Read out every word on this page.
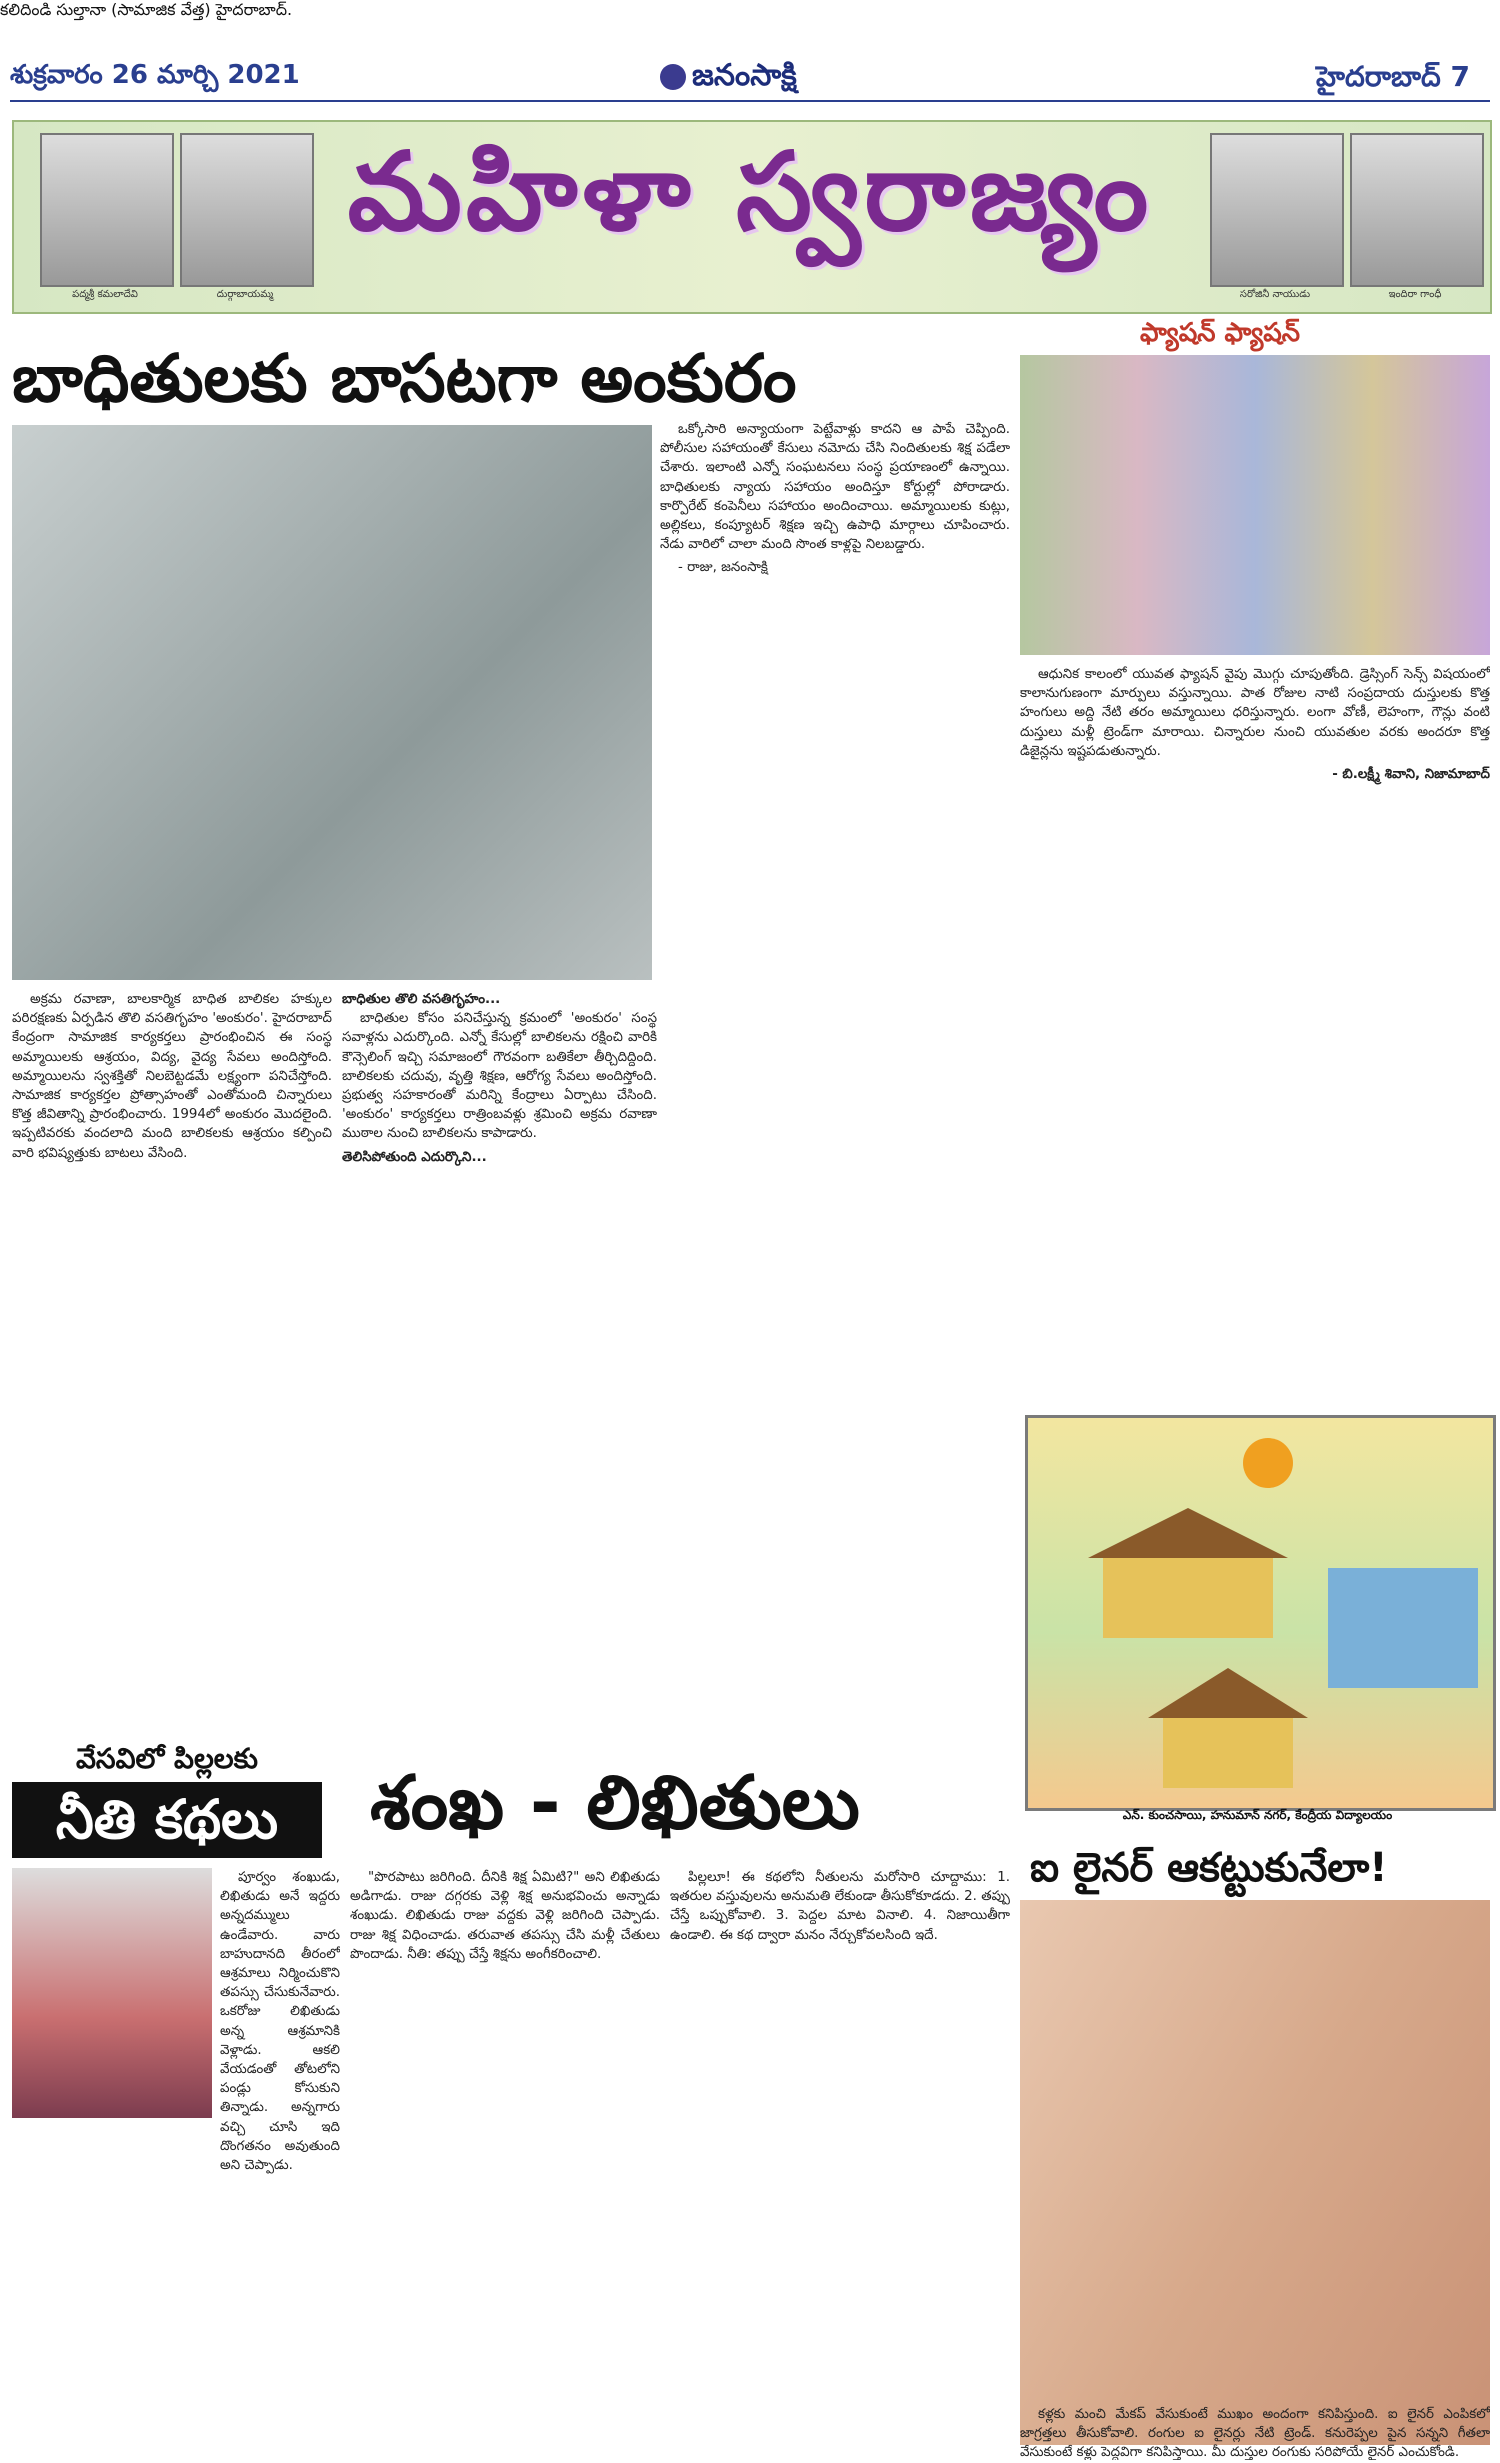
శుక్రవారం 26 మార్చి 2021	జనంసాక్షి	హైదరాబాద్ 7
పద్మశ్రీ కమలాదేవి	దుర్గాబాయమ్మ	సరోజినీ నాయుడు	ఇందిరా గాంధీ
మహిళా స్వరాజ్యం
బాధితులకు బాసటగా అంకురం

అక్రమ రవాణా, బాలకార్మిక బాధిత బాలికల హక్కుల పరిరక్షణకు ఏర్పడిన తొలి వసతిగృహం 'అంకురం'. హైదరాబాద్ కేంద్రంగా సామాజిక కార్యకర్తలు ప్రారంభించిన ఈ సంస్థ అమ్మాయిలకు ఆశ్రయం, విద్య, వైద్య సేవలు అందిస్తోంది. అమ్మాయిలను స్వశక్తితో నిలబెట్టడమే లక్ష్యంగా పనిచేస్తోంది. సామాజిక కార్యకర్తల ప్రోత్సాహంతో ఎంతోమంది చిన్నారులు కొత్త జీవితాన్ని ప్రారంభించారు. 1994లో అంకురం మొదలైంది. ఇప్పటివరకు వందలాది మంది బాలికలకు ఆశ్రయం కల్పించి వారి భవిష్యత్తుకు బాటలు వేసింది.

బాధితుల తొలి వసతిగృహం...

బాధితుల కోసం పనిచేస్తున్న క్రమంలో 'అంకురం' సంస్థ సవాళ్లను ఎదుర్కొంది. ఎన్నో కేసుల్లో బాలికలను రక్షించి వారికి కౌన్సెలింగ్ ఇచ్చి సమాజంలో గౌరవంగా బతికేలా తీర్చిదిద్దింది. బాలికలకు చదువు, వృత్తి శిక్షణ, ఆరోగ్య సేవలు అందిస్తోంది. ప్రభుత్వ సహకారంతో మరిన్ని కేంద్రాలు ఏర్పాటు చేసింది. 'అంకురం' కార్యకర్తలు రాత్రింబవళ్లు శ్రమించి అక్రమ రవాణా ముఠాల నుంచి బాలికలను కాపాడారు.

తెలిసిపోతుంది ఎదుర్కొని...

ఒక్కోసారి అన్యాయంగా పెట్టేవాళ్లు కాదని ఆ పాపే చెప్పింది. పోలీసుల సహాయంతో కేసులు నమోదు చేసి నిందితులకు శిక్ష పడేలా చేశారు. ఇలాంటి ఎన్నో సంఘటనలు సంస్థ ప్రయాణంలో ఉన్నాయి. బాధితులకు న్యాయ సహాయం అందిస్తూ కోర్టుల్లో పోరాడారు. కార్పొరేట్ కంపెనీలు సహాయం అందించాయి. అమ్మాయిలకు కుట్లు, అల్లికలు, కంప్యూటర్ శిక్షణ ఇచ్చి ఉపాధి మార్గాలు చూపించారు. నేడు వారిలో చాలా మంది సొంత కాళ్లపై నిలబడ్డారు.

- రాజు, జనంసాక్షి

ఫ్యాషన్ ఫ్యాషన్

ఆధునిక కాలంలో యువత ఫ్యాషన్ వైపు మొగ్గు చూపుతోంది. డ్రెస్సింగ్ సెన్స్ విషయంలో కాలానుగుణంగా మార్పులు వస్తున్నాయి. పాత రోజుల నాటి సంప్రదాయ దుస్తులకు కొత్త హంగులు అద్ది నేటి తరం అమ్మాయిలు ధరిస్తున్నారు. లంగా వోణీ, లెహంగా, గౌన్లు వంటి దుస్తులు మళ్లీ ట్రెండ్‌గా మారాయి. చిన్నారుల నుంచి యువతుల వరకు అందరూ కొత్త డిజైన్లను ఇష్టపడుతున్నారు.

- బి.లక్ష్మీ శివాని, నిజామాబాద్

ఎన్. కుంచసాయి, హనుమాన్ నగర్, కేంద్రీయ విద్యాలయం
ఐ లైనర్ ఆకట్టుకునేలా!
వేసవిలో పిల్లలకు
నీతి కథలు	శంఖ - లిఖితులు
కలిదిండి సుల్తానా (సామాజిక వేత్త) హైదరాబాద్.

పూర్వం శంఖుడు, లిఖితుడు అనే ఇద్దరు అన్నదమ్ములు ఉండేవారు. వారు బాహుదానది తీరంలో ఆశ్రమాలు నిర్మించుకొని తపస్సు చేసుకునేవారు. ఒకరోజు లిఖితుడు అన్న ఆశ్రమానికి వెళ్లాడు. ఆకలి వేయడంతో తోటలోని పండ్లు కోసుకుని తిన్నాడు. అన్నగారు వచ్చి చూసి ఇది దొంగతనం అవుతుంది అని చెప్పాడు.

"పొరపాటు జరిగింది. దీనికి శిక్ష ఏమిటి?" అని లిఖితుడు అడిగాడు. రాజు దగ్గరకు వెళ్లి శిక్ష అనుభవించు అన్నాడు శంఖుడు. లిఖితుడు రాజు వద్దకు వెళ్లి జరిగింది చెప్పాడు. రాజు శిక్ష విధించాడు. తరువాత తపస్సు చేసి మళ్లీ చేతులు పొందాడు. నీతి: తప్పు చేస్తే శిక్షను అంగీకరించాలి.

పిల్లలూ! ఈ కథలోని నీతులను మరోసారి చూద్దాము: 1. ఇతరుల వస్తువులను అనుమతి లేకుండా తీసుకోకూడదు. 2. తప్పు చేస్తే ఒప్పుకోవాలి. 3. పెద్దల మాట వినాలి. 4. నిజాయితీగా ఉండాలి. ఈ కథ ద్వారా మనం నేర్చుకోవలసింది ఇదే.

కళ్లకు మంచి మేకప్ వేసుకుంటే ముఖం అందంగా కనిపిస్తుంది. ఐ లైనర్ ఎంపికలో జాగ్రత్తలు తీసుకోవాలి. రంగుల ఐ లైనర్లు నేటి ట్రెండ్. కనురెప్పల పైన సన్నని గీతలా వేసుకుంటే కళ్లు పెద్దవిగా కనిపిస్తాయి. మీ దుస్తుల రంగుకు సరిపోయే లైనర్ ఎంచుకోండి.
